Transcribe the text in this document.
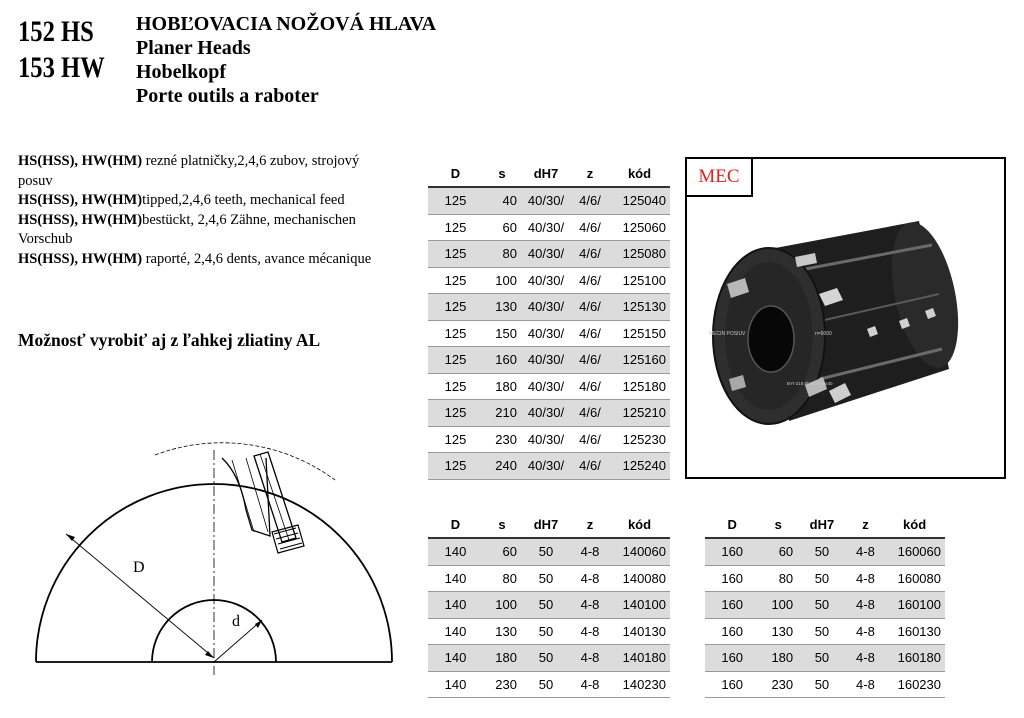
152 HS
153 HW
HOBĽOVACIA NOŽOVÁ HLAVA
Planer Heads
Hobelkopf
Porte outils a raboter
HS(HSS), HW(HM) rezné platničky,2,4,6 zubov, strojový posuv
HS(HSS), HW(HM)tipped,2,4,6 teeth, mechanical feed
HS(HSS), HW(HM)bestückt, 2,4,6 Zähne, mechanischen Vorschub
HS(HSS), HW(HM) raporté, 2,4,6 dents, avance mécanique
Možnosť vyrobiť aj z ľahkej zliatiny AL
D	s	dH7	z	kód
125	40	40/30/	4/6/	125040
125	60	40/30/	4/6/	125060
125	80	40/30/	4/6/	125080
125	100	40/30/	4/6/	125100
125	130	40/30/	4/6/	125130
125	150	40/30/	4/6/	125150
125	160	40/30/	4/6/	125160
125	180	40/30/	4/6/	125180
125	210	40/30/	4/6/	125210
125	230	40/30/	4/6/	125230
125	240	40/30/	4/6/	125240
D	s	dH7	z	kód
140	60	50	4-8	140060
140	80	50	4-8	140080
140	100	50	4-8	140100
140	130	50	4-8	140130
140	180	50	4-8	140180
140	230	50	4-8	140230
D	s	dH7	z	kód
160	60	50	4-8	160060
160	80	50	4-8	160080
160	100	50	4-8	160100
160	130	50	4-8	160130
160	180	50	4-8	160180
160	230	50	4-8	160230
MECIN POSIUV	n=6000
BYI-218 Ø125x180x40
MEC
D
d
